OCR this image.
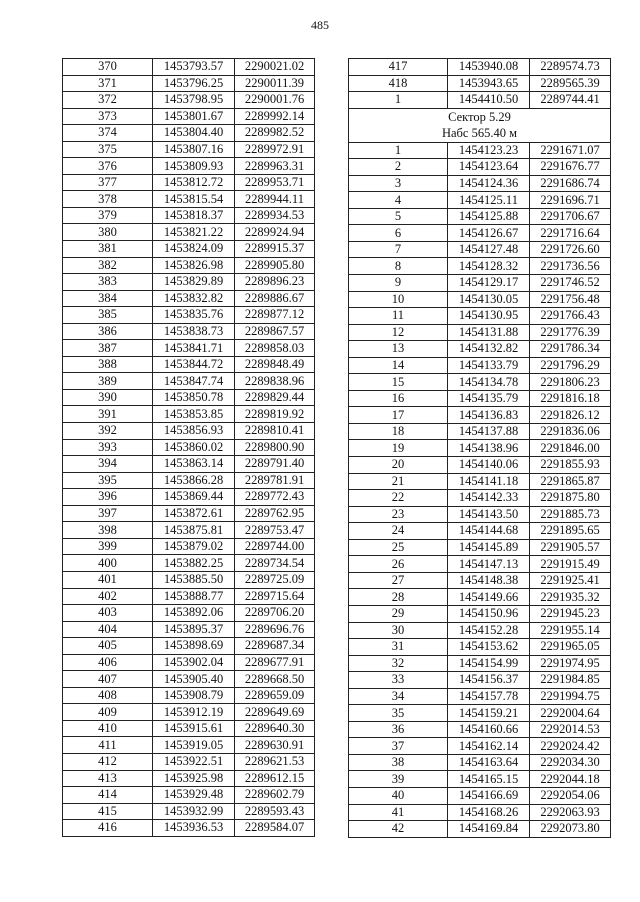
485
370	1453793.57	2290021.02
371	1453796.25	2290011.39
372	1453798.95	2290001.76
373	1453801.67	2289992.14
374	1453804.40	2289982.52
375	1453807.16	2289972.91
376	1453809.93	2289963.31
377	1453812.72	2289953.71
378	1453815.54	2289944.11
379	1453818.37	2289934.53
380	1453821.22	2289924.94
381	1453824.09	2289915.37
382	1453826.98	2289905.80
383	1453829.89	2289896.23
384	1453832.82	2289886.67
385	1453835.76	2289877.12
386	1453838.73	2289867.57
387	1453841.71	2289858.03
388	1453844.72	2289848.49
389	1453847.74	2289838.96
390	1453850.78	2289829.44
391	1453853.85	2289819.92
392	1453856.93	2289810.41
393	1453860.02	2289800.90
394	1453863.14	2289791.40
395	1453866.28	2289781.91
396	1453869.44	2289772.43
397	1453872.61	2289762.95
398	1453875.81	2289753.47
399	1453879.02	2289744.00
400	1453882.25	2289734.54
401	1453885.50	2289725.09
402	1453888.77	2289715.64
403	1453892.06	2289706.20
404	1453895.37	2289696.76
405	1453898.69	2289687.34
406	1453902.04	2289677.91
407	1453905.40	2289668.50
408	1453908.79	2289659.09
409	1453912.19	2289649.69
410	1453915.61	2289640.30
411	1453919.05	2289630.91
412	1453922.51	2289621.53
413	1453925.98	2289612.15
414	1453929.48	2289602.79
415	1453932.99	2289593.43
416	1453936.53	2289584.07
417	1453940.08	2289574.73
418	1453943.65	2289565.39
1	1454410.50	2289744.41

Сектор 5.29
Набс 565.40 м		

1	1454123.23	2291671.07
2	1454123.64	2291676.77
3	1454124.36	2291686.74
4	1454125.11	2291696.71
5	1454125.88	2291706.67
6	1454126.67	2291716.64
7	1454127.48	2291726.60
8	1454128.32	2291736.56
9	1454129.17	2291746.52
10	1454130.05	2291756.48
11	1454130.95	2291766.43
12	1454131.88	2291776.39
13	1454132.82	2291786.34
14	1454133.79	2291796.29
15	1454134.78	2291806.23
16	1454135.79	2291816.18
17	1454136.83	2291826.12
18	1454137.88	2291836.06
19	1454138.96	2291846.00
20	1454140.06	2291855.93
21	1454141.18	2291865.87
22	1454142.33	2291875.80
23	1454143.50	2291885.73
24	1454144.68	2291895.65
25	1454145.89	2291905.57
26	1454147.13	2291915.49
27	1454148.38	2291925.41
28	1454149.66	2291935.32
29	1454150.96	2291945.23
30	1454152.28	2291955.14
31	1454153.62	2291965.05
32	1454154.99	2291974.95
33	1454156.37	2291984.85
34	1454157.78	2291994.75
35	1454159.21	2292004.64
36	1454160.66	2292014.53
37	1454162.14	2292024.42
38	1454163.64	2292034.30
39	1454165.15	2292044.18
40	1454166.69	2292054.06
41	1454168.26	2292063.93
42	1454169.84	2292073.80
